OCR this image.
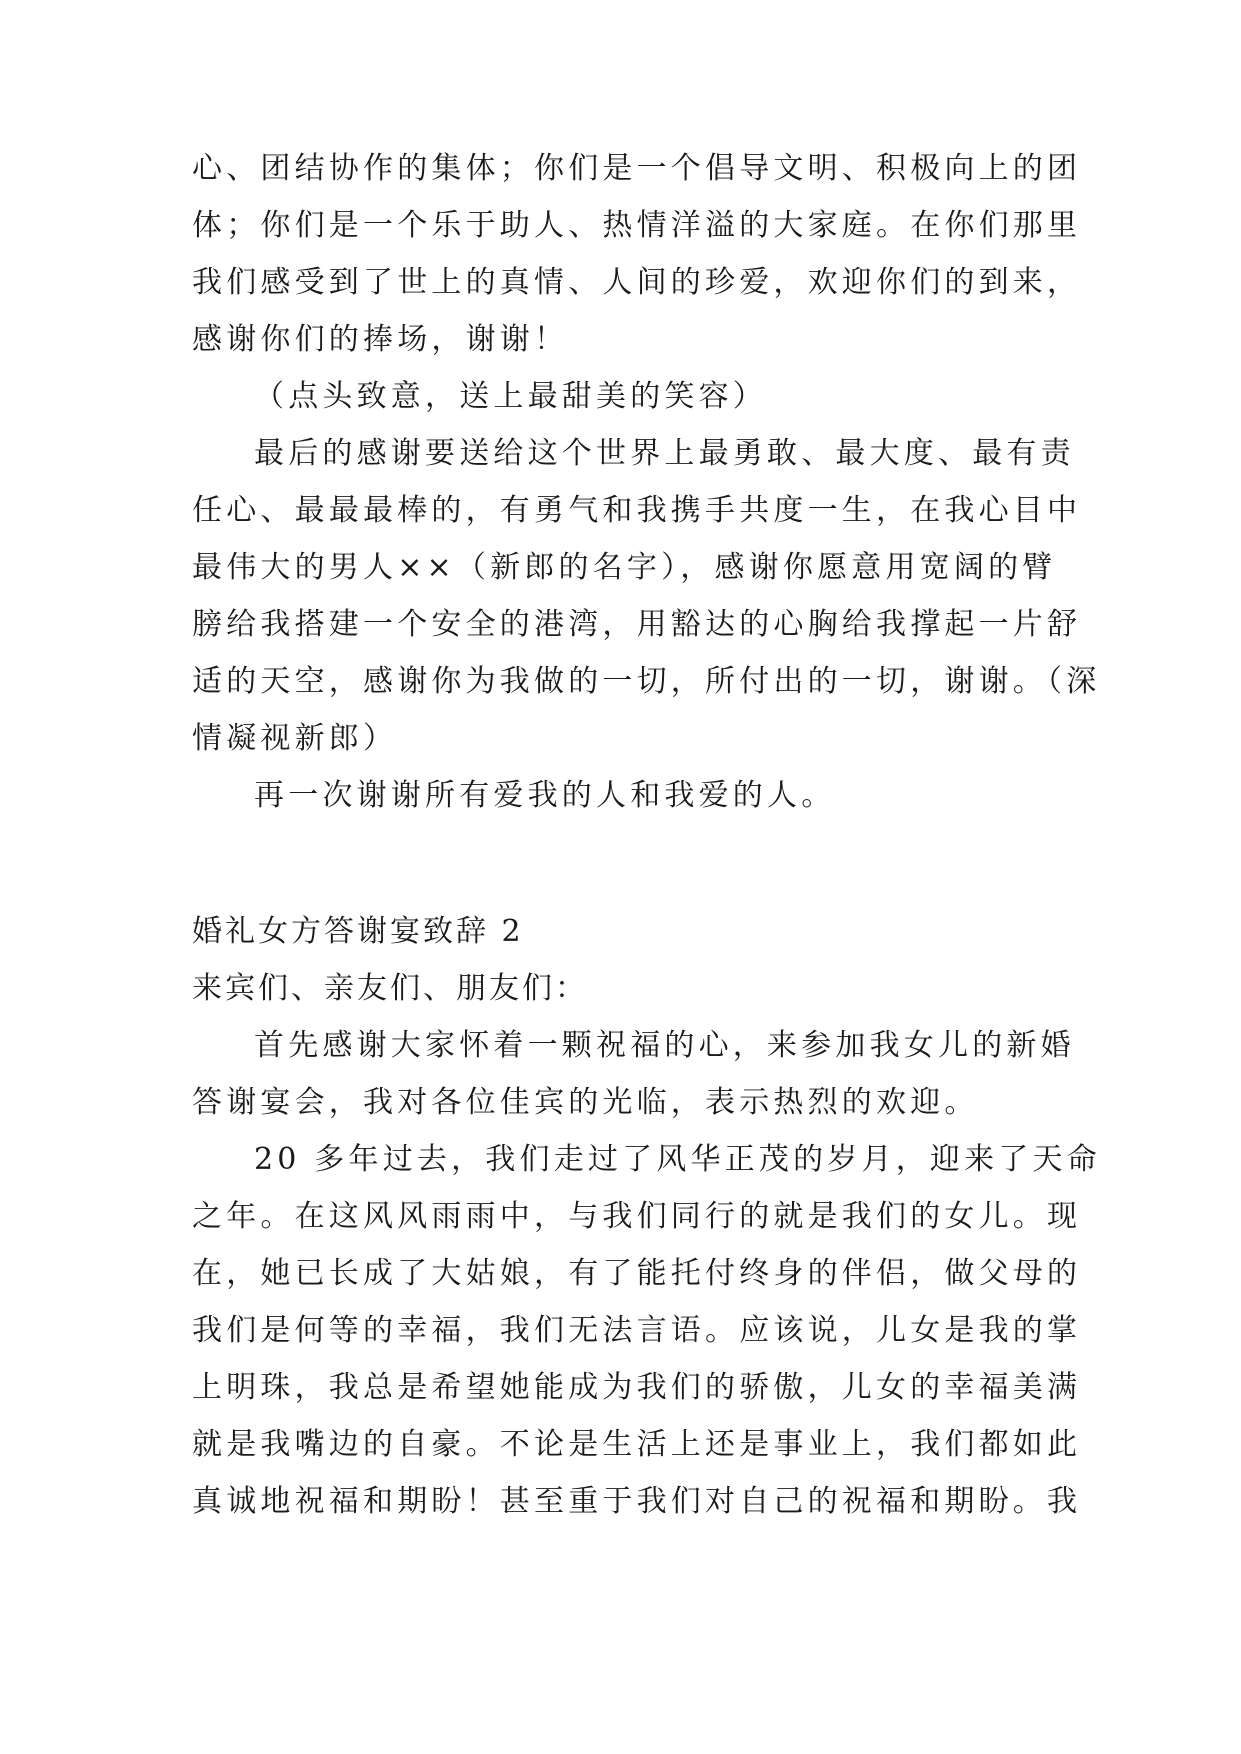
心、团结协作的集体；你们是一个倡导文明、积极向上的团
体；你们是一个乐于助人、热情洋溢的大家庭。在你们那里
我们感受到了世上的真情、人间的珍爱，欢迎你们的到来，
感谢你们的捧场，谢谢！
（点头致意，送上最甜美的笑容）
最后的感谢要送给这个世界上最勇敢、最大度、最有责
任心、最最最棒的，有勇气和我携手共度一生，在我心目中
最伟大的男人××（新郎的名字），感谢你愿意用宽阔的臂
膀给我搭建一个安全的港湾，用豁达的心胸给我撑起一片舒
适的天空，感谢你为我做的一切，所付出的一切，谢谢。（深
情凝视新郎）
再一次谢谢所有爱我的人和我爱的人。
婚礼女方答谢宴致辞 2
来宾们、亲友们、朋友们：
首先感谢大家怀着一颗祝福的心，来参加我女儿的新婚
答谢宴会，我对各位佳宾的光临，表示热烈的欢迎。
20 多年过去，我们走过了风华正茂的岁月，迎来了天命
之年。在这风风雨雨中，与我们同行的就是我们的女儿。现
在，她已长成了大姑娘，有了能托付终身的伴侣，做父母的
我们是何等的幸福，我们无法言语。应该说，儿女是我的掌
上明珠，我总是希望她能成为我们的骄傲，儿女的幸福美满
就是我嘴边的自豪。不论是生活上还是事业上，我们都如此
真诚地祝福和期盼！甚至重于我们对自己的祝福和期盼。我
